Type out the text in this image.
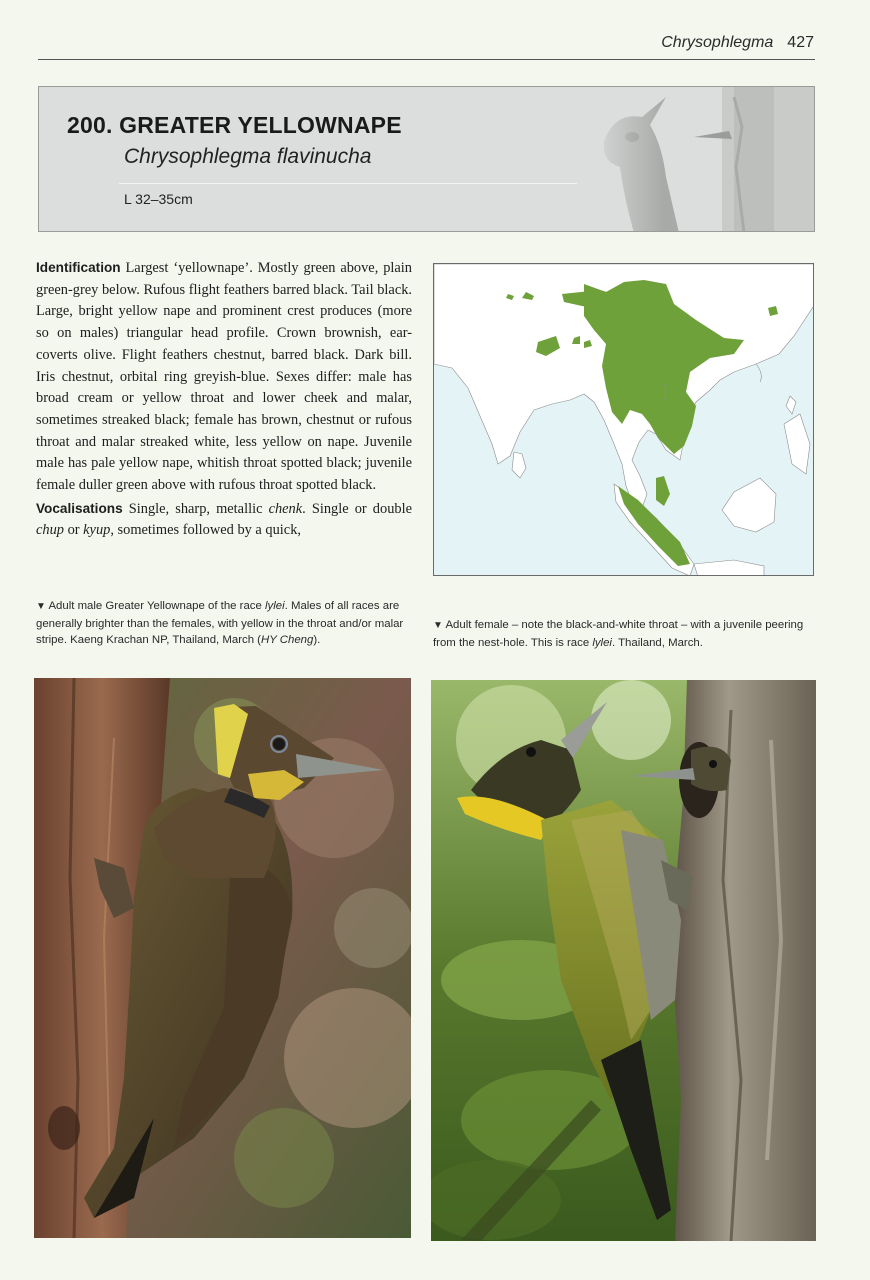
Chrysophlegma 427
200. GREATER YELLOWNAPE
Chrysophlegma flavinucha
L 32–35cm

Identification Largest ‘yellownape’. Mostly green above, plain green-grey below. Rufous flight feathers barred black. Tail black. Large, bright yellow nape and prominent crest produces (more so on males) triangular head profile. Crown brownish, ear-coverts olive. Flight feathers chestnut, barred black. Dark bill. Iris chestnut, orbital ring greyish-blue. Sexes differ: male has broad cream or yellow throat and lower cheek and malar, sometimes streaked black; female has brown, chestnut or rufous throat and malar streaked white, less yellow on nape. Juvenile male has pale yellow nape, whitish throat spotted black; juvenile female duller green above with rufous throat spotted black.

Vocalisations Single, sharp, metallic chenk. Single or double chup or kyup, sometimes followed by a quick,

▼ Adult male Greater Yellownape of the race lylei. Males of all races are generally brighter than the females, with yellow in the throat and/or malar stripe. Kaeng Krachan NP, Thailand, March (HY Cheng).
▼ Adult female – note the black-and-white throat – with a juvenile peering from the nest-hole. This is race lylei. Thailand, March.
